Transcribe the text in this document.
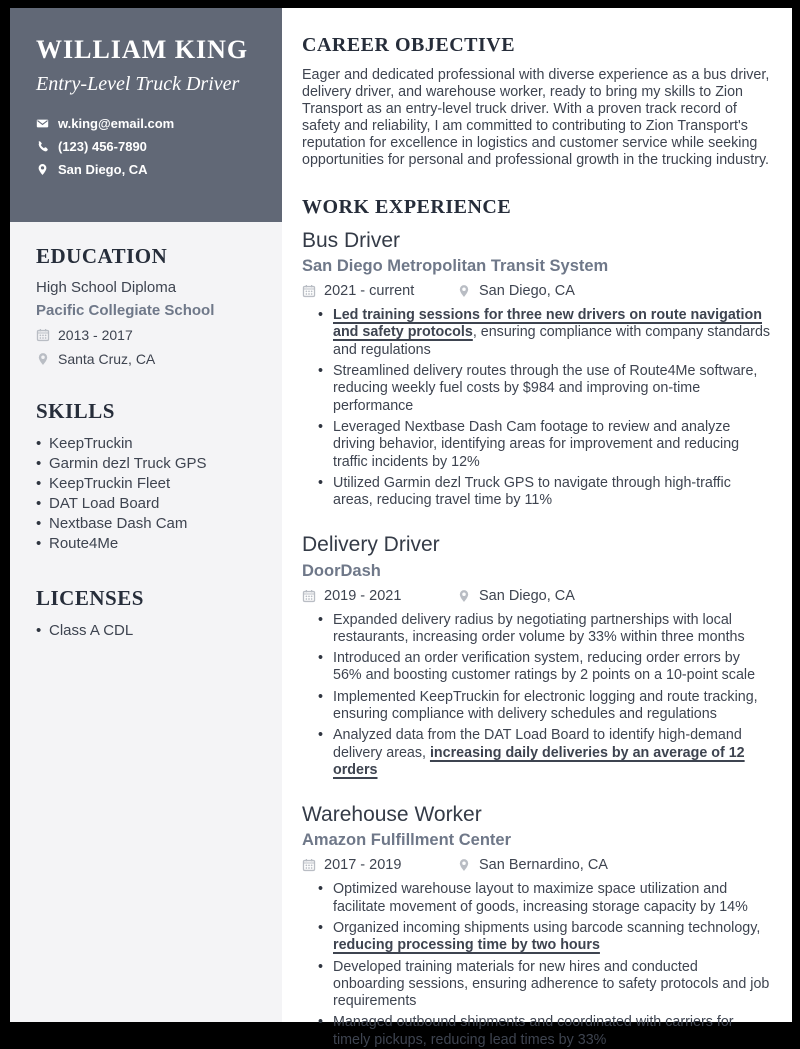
WILLIAM KING
Entry-Level Truck Driver
w.king@email.com
(123) 456-7890
San Diego, CA
EDUCATION
High School Diploma
Pacific Collegiate School
2013 - 2017
Santa Cruz, CA
SKILLS
• KeepTruckin
• Garmin dezl Truck GPS
• KeepTruckin Fleet
• DAT Load Board
• Nextbase Dash Cam
• Route4Me
LICENSES
• Class A CDL
CAREER OBJECTIVE

Eager and dedicated professional with diverse experience as a bus driver, delivery driver, and warehouse worker, ready to bring my skills to Zion Transport as an entry-level truck driver. With a proven track record of safety and reliability, I am committed to contributing to Zion Transport's reputation for excellence in logistics and customer service while seeking opportunities for personal and professional growth in the trucking industry.

WORK EXPERIENCE
Bus Driver
San Diego Metropolitan Transit System
2021 - current	San Diego, CA
• Led training sessions for three new drivers on route navigation and safety protocols, ensuring compliance with company standards and regulations
• Streamlined delivery routes through the use of Route4Me software, reducing weekly fuel costs by $984 and improving on-time performance
• Leveraged Nextbase Dash Cam footage to review and analyze driving behavior, identifying areas for improvement and reducing traffic incidents by 12%
• Utilized Garmin dezl Truck GPS to navigate through high-traffic areas, reducing travel time by 11%
Delivery Driver
DoorDash
2019 - 2021	San Diego, CA
• Expanded delivery radius by negotiating partnerships with local restaurants, increasing order volume by 33% within three months
• Introduced an order verification system, reducing order errors by 56% and boosting customer ratings by 2 points on a 10-point scale
• Implemented KeepTruckin for electronic logging and route tracking, ensuring compliance with delivery schedules and regulations
• Analyzed data from the DAT Load Board to identify high-demand delivery areas, increasing daily deliveries by an average of 12 orders
Warehouse Worker
Amazon Fulfillment Center
2017 - 2019	San Bernardino, CA
• Optimized warehouse layout to maximize space utilization and facilitate movement of goods, increasing storage capacity by 14%
• Organized incoming shipments using barcode scanning technology, reducing processing time by two hours
• Developed training materials for new hires and conducted onboarding sessions, ensuring adherence to safety protocols and job requirements
• Managed outbound shipments and coordinated with carriers for timely pickups, reducing lead times by 33%
